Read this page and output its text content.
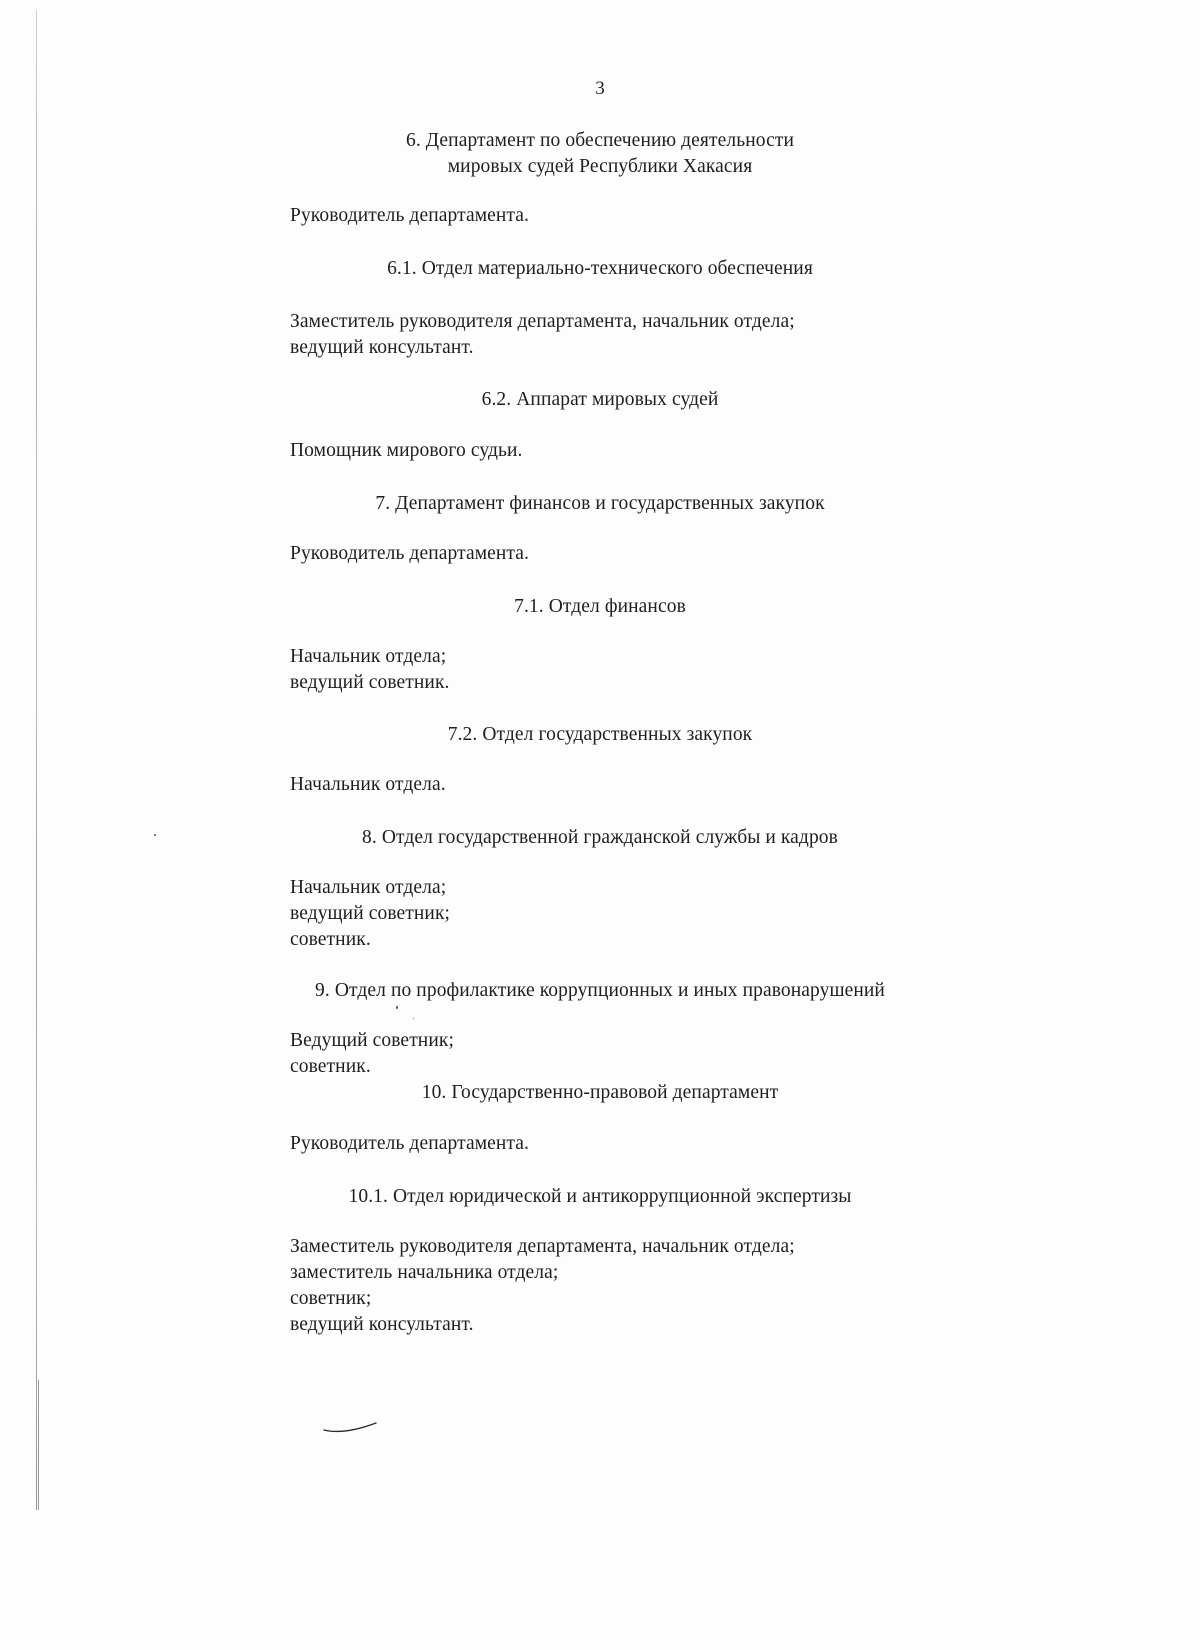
3
6. Департамент по обеспечению деятельности
мировых судей Республики Хакасия
Руководитель департамента.
6.1. Отдел материально-технического обеспечения
Заместитель руководителя департамента, начальник отдела;
ведущий консультант.
6.2. Аппарат мировых судей
Помощник мирового судьи.
7. Департамент финансов и государственных закупок
Руководитель департамента.
7.1. Отдел финансов
Начальник отдела;
ведущий советник.
7.2. Отдел государственных закупок
Начальник отдела.
8. Отдел государственной гражданской службы и кадров
Начальник отдела;
ведущий советник;
советник.
9. Отдел по профилактике коррупционных и иных правонарушений
Ведущий советник;
советник.
10. Государственно-правовой департамент
Руководитель департамента.
10.1. Отдел юридической и антикоррупционной экспертизы
Заместитель руководителя департамента, начальник отдела;
заместитель начальника отдела;
советник;
ведущий консультант.
